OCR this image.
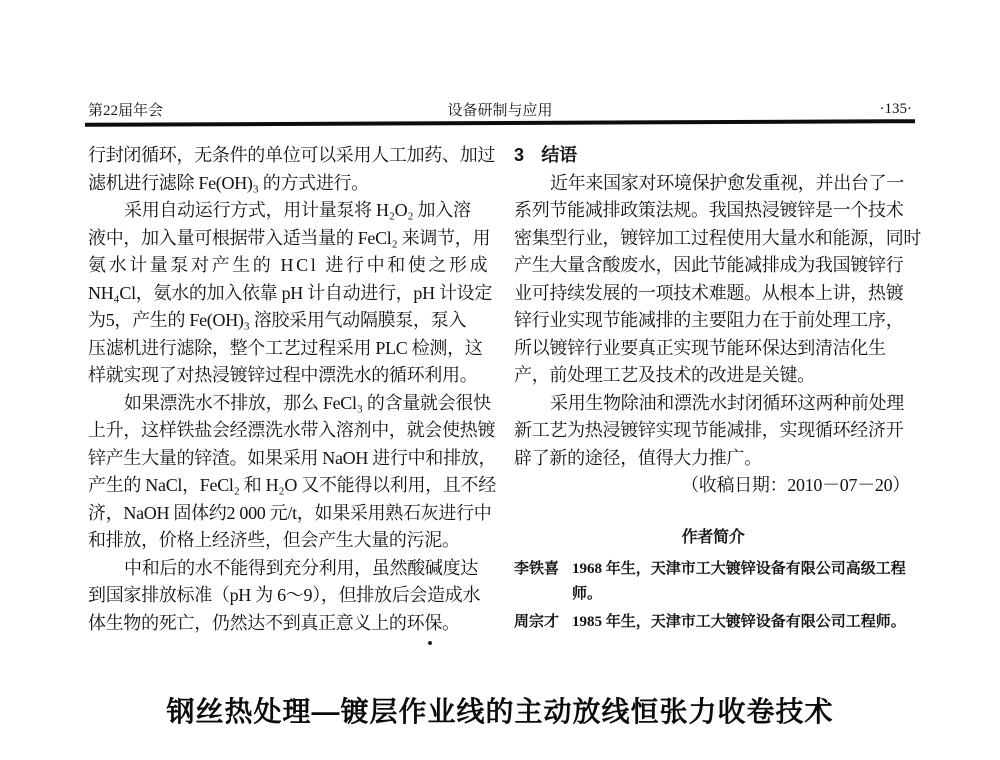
第22届年会	设备研制与应用	·135·
行封闭循环，无条件的单位可以采用人工加药、加过
滤机进行滤除 Fe(OH)₃ 的方式进行。
采用自动运行方式，用计量泵将 H₂O₂ 加入溶
液中，加入量可根据带入适当量的 FeCl₂ 来调节，用
氨水计量泵对产生的 HCl 进行中和使之形成
NH₄Cl，氨水的加入依靠 pH 计自动进行，pH 计设定
为5，产生的 Fe(OH)₃ 溶胶采用气动隔膜泵，泵入
压滤机进行滤除，整个工艺过程采用 PLC 检测，这
样就实现了对热浸镀锌过程中漂洗水的循环利用。
如果漂洗水不排放，那么 FeCl₃ 的含量就会很快
上升，这样铁盐会经漂洗水带入溶剂中，就会使热镀
锌产生大量的锌渣。如果采用 NaOH 进行中和排放，
产生的 NaCl，FeCl₂ 和 H₂O 又不能得以利用，且不经
济，NaOH 固体约2 000 元/t，如果采用熟石灰进行中
和排放，价格上经济些，但会产生大量的污泥。
中和后的水不能得到充分利用，虽然酸碱度达
到国家排放标准（pH 为 6～9），但排放后会造成水
体生物的死亡，仍然达不到真正意义上的环保。
3　结语
近年来国家对环境保护愈发重视，并出台了一
系列节能减排政策法规。我国热浸镀锌是一个技术
密集型行业，镀锌加工过程使用大量水和能源，同时
产生大量含酸废水，因此节能减排成为我国镀锌行
业可持续发展的一项技术难题。从根本上讲，热镀
锌行业实现节能减排的主要阻力在于前处理工序，
所以镀锌行业要真正实现节能环保达到清洁化生
产，前处理工艺及技术的改进是关键。
采用生物除油和漂洗水封闭循环这两种前处理
新工艺为热浸镀锌实现节能减排，实现循环经济开
辟了新的途径，值得大力推广。
（收稿日期：2010－07－20）
作者简介
李铁喜 1968 年生，天津市工大镀锌设备有限公司高级工程师。
周宗才 1985 年生，天津市工大镀锌设备有限公司工程师。
钢丝热处理—镀层作业线的主动放线恒张力收卷技术
